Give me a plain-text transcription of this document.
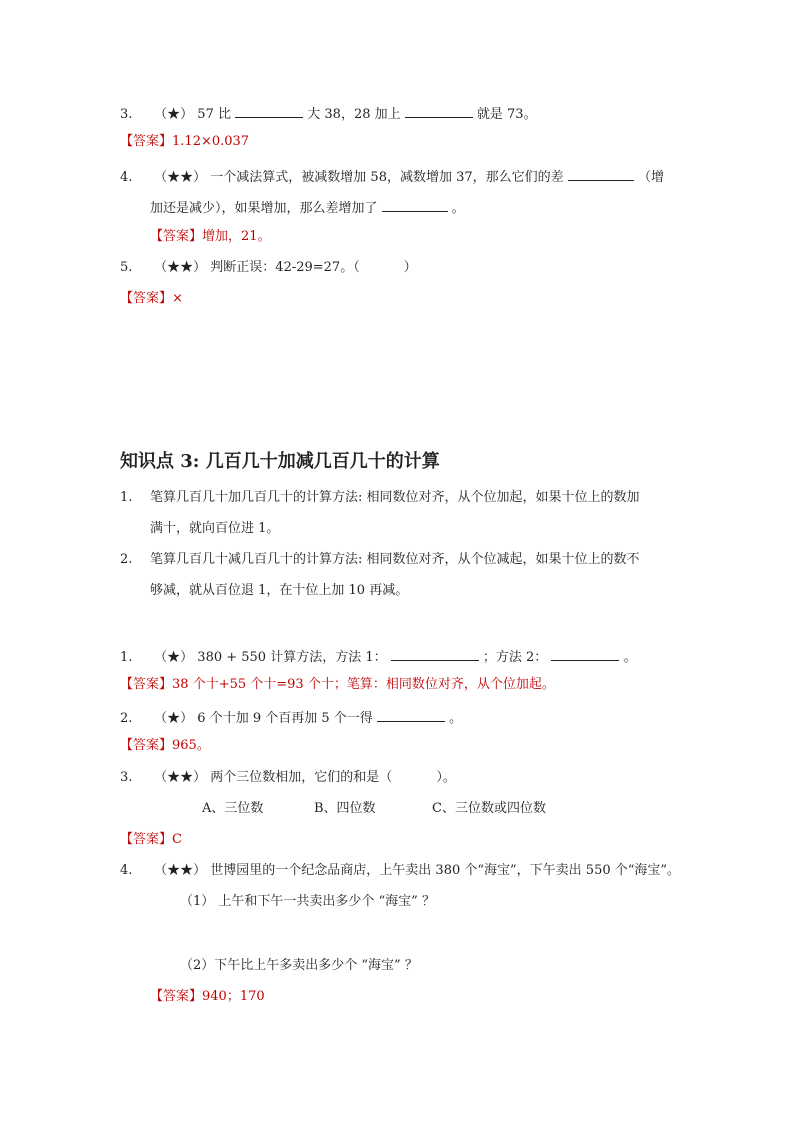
3. （★） 57 比	大 38，28 加上	就是 73。
【答案】1.12×0.037
4. （★★） 一个减法算式，被减数增加 58，减数增加 37，那么它们的差	（增
加还是减少），如果增加，那么差增加了	。
【答案】增加，21。
5. （★★） 判断正误：42-29=27。（	）
【答案】×
知识点 3: 几百几十加减几百几十的计算
1. 笔算几百几十加几百几十的计算方法: 相同数位对齐，从个位加起，如果十位上的数加
满十，就向百位进 1。
2. 笔算几百几十减几百几十的计算方法: 相同数位对齐，从个位减起，如果十位上的数不
够减，就从百位退 1，在十位上加 10 再减。
1. （★） 380 + 550 计算方法，方法 1：	；方法 2：	。
【答案】38 个十+55 个十=93 个十；笔算：相同数位对齐，从个位加起。
2. （★） 6 个十加 9 个百再加 5 个一得	。
【答案】965。
3. （★★） 两个三位数相加，它们的和是（	）。
A、三位数	B、四位数	C、三位数或四位数
【答案】C
4. （★★） 世博园里的一个纪念品商店，上午卖出 380 个“海宝”，下午卖出 550 个“海宝”。
（1） 上午和下午一共卖出多少个 “海宝” ？
（2）下午比上午多卖出多少个 “海宝” ？
【答案】940；170
